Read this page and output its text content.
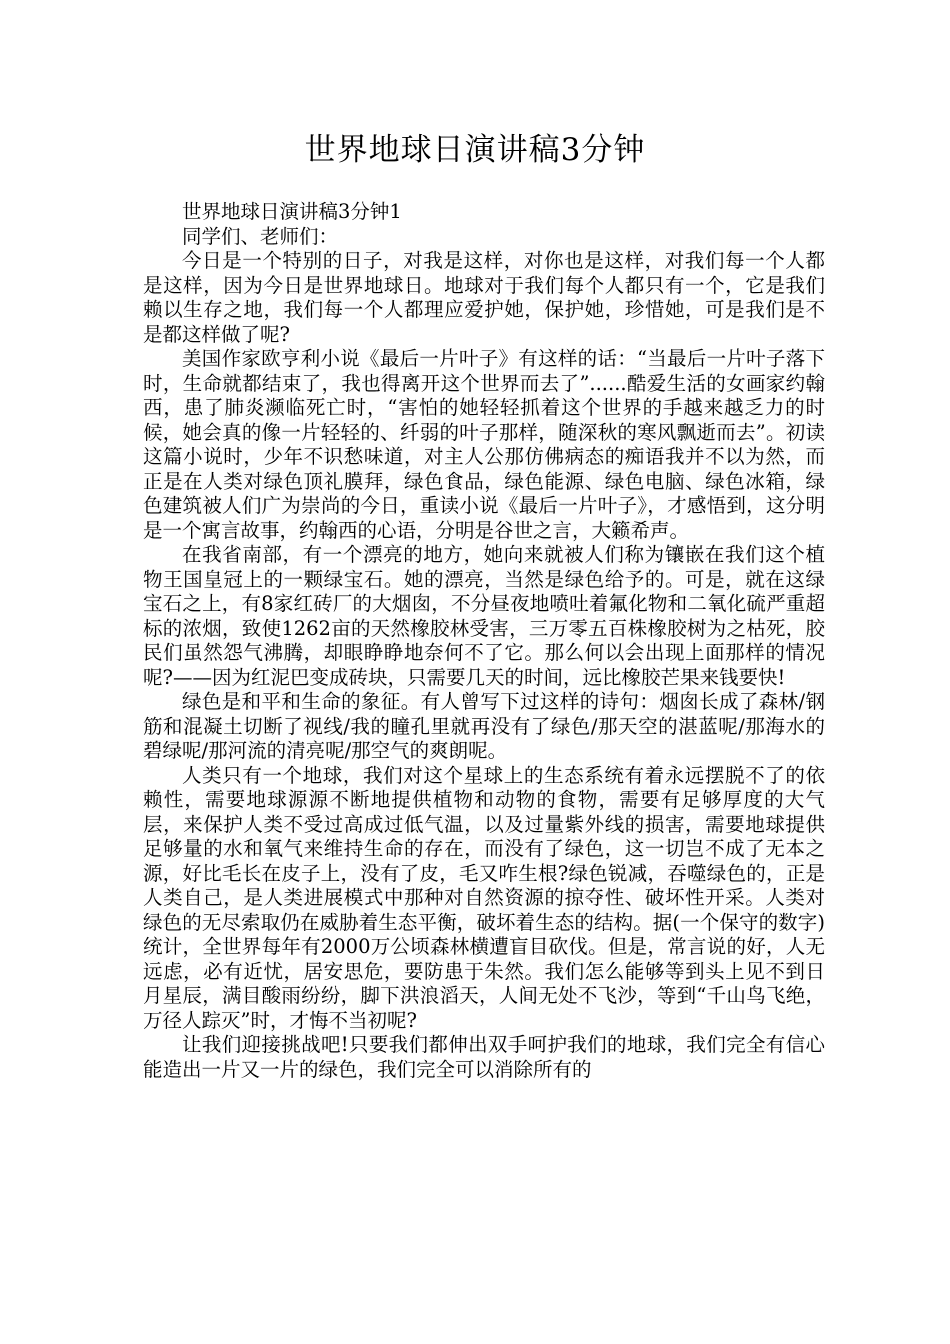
世界地球日演讲稿3分钟

世界地球日演讲稿3分钟1

同学们、老师们：

今日是一个特别的日子，对我是这样，对你也是这样，对我们每一个人都是这样，因为今日是世界地球日。地球对于我们每个人都只有一个，它是我们赖以生存之地，我们每一个人都理应爱护她，保护她，珍惜她，可是我们是不是都这样做了呢?

美国作家欧亨利小说《最后一片叶子》有这样的话：“当最后一片叶子落下时，生命就都结束了，我也得离开这个世界而去了”......酷爱生活的女画家约翰西，患了肺炎濒临死亡时，“害怕的她轻轻抓着这个世界的手越来越乏力的时候，她会真的像一片轻轻的、纤弱的叶子那样，随深秋的寒风飘逝而去”。初读这篇小说时，少年不识愁味道，对主人公那仿佛病态的痴语我并不以为然，而正是在人类对绿色顶礼膜拜，绿色食品，绿色能源、绿色电脑、绿色冰箱，绿色建筑被人们广为崇尚的今日，重读小说《最后一片叶子》，才感悟到，这分明是一个寓言故事，约翰西的心语，分明是谷世之言，大籁希声。

在我省南部，有一个漂亮的地方，她向来就被人们称为镶嵌在我们这个植物王国皇冠上的一颗绿宝石。她的漂亮，当然是绿色给予的。可是，就在这绿宝石之上，有8家红砖厂的大烟囱，不分昼夜地喷吐着氟化物和二氧化硫严重超标的浓烟，致使1262亩的天然橡胶林受害，三万零五百株橡胶树为之枯死，胶民们虽然怨气沸腾，却眼睁睁地奈何不了它。那么何以会出现上面那样的情况呢?——因为红泥巴变成砖块，只需要几天的时间，远比橡胶芒果来钱要快!

绿色是和平和生命的象征。有人曾写下过这样的诗句：烟囱长成了森林/钢筋和混凝土切断了视线/我的瞳孔里就再没有了绿色/那天空的湛蓝呢/那海水的碧绿呢/那河流的清亮呢/那空气的爽朗呢。

人类只有一个地球，我们对这个星球上的生态系统有着永远摆脱不了的依赖性，需要地球源源不断地提供植物和动物的食物，需要有足够厚度的大气层，来保护人类不受过高成过低气温，以及过量紫外线的损害，需要地球提供足够量的水和氧气来维持生命的存在，而没有了绿色，这一切岂不成了无本之源，好比毛长在皮子上，没有了皮，毛又咋生根?绿色锐减，吞噬绿色的，正是人类自己，是人类进展模式中那种对自然资源的掠夺性、破坏性开采。人类对绿色的无尽索取仍在威胁着生态平衡，破坏着生态的结构。据(一个保守的数字)统计，全世界每年有2000万公顷森林横遭盲目砍伐。但是，常言说的好，人无远虑，必有近忧，居安思危，要防患于朱然。我们怎么能够等到头上见不到日月星辰，满目酸雨纷纷，脚下洪浪滔天，人间无处不飞沙，等到“千山鸟飞绝，万径人踪灭”时，才悔不当初呢?

让我们迎接挑战吧!只要我们都伸出双手呵护我们的地球，我们完全有信心能造出一片又一片的绿色，我们完全可以消除所有的
